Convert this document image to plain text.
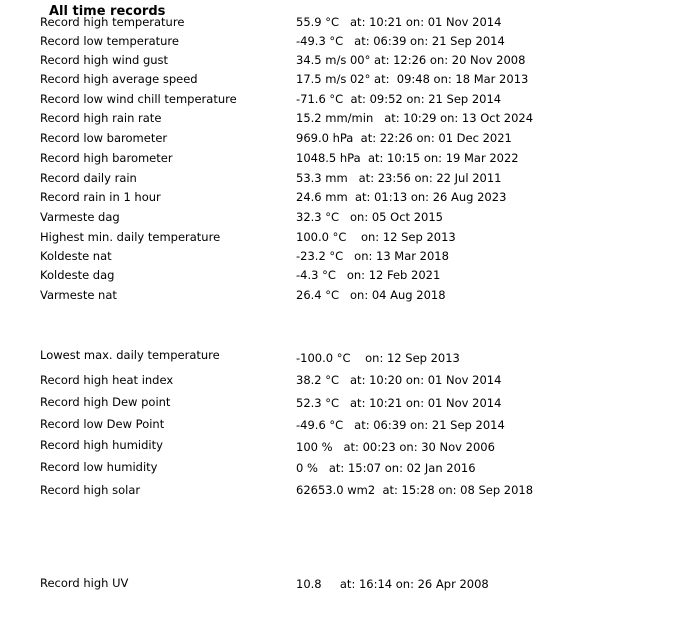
All time records
Record high temperature	55.9 °C   at: 10:21 on: 01 Nov 2014
Record low temperature	-49.3 °C   at: 06:39 on: 21 Sep 2014
Record high wind gust	34.5 m/s 00° at: 12:26 on: 20 Nov 2008
Record high average speed	17.5 m/s 02° at:  09:48 on: 18 Mar 2013
Record low wind chill temperature	-71.6 °C  at: 09:52 on: 21 Sep 2014
Record high rain rate	15.2 mm/min   at: 10:29 on: 13 Oct 2024
Record low barometer	969.0 hPa  at: 22:26 on: 01 Dec 2021
Record high barometer	1048.5 hPa  at: 10:15 on: 19 Mar 2022
Record daily rain	53.3 mm   at: 23:56 on: 22 Jul 2011
Record rain in 1 hour	24.6 mm  at: 01:13 on: 26 Aug 2023
Varmeste dag	32.3 °C   on: 05 Oct 2015
Highest min. daily temperature	100.0 °C    on: 12 Sep 2013
Koldeste nat	-23.2 °C   on: 13 Mar 2018
Koldeste dag	-4.3 °C   on: 12 Feb 2021
Varmeste nat	26.4 °C   on: 04 Aug 2018
Lowest max. daily temperature	-100.0 °C    on: 12 Sep 2013
Record high heat index	38.2 °C   at: 10:20 on: 01 Nov 2014
Record high Dew point	52.3 °C   at: 10:21 on: 01 Nov 2014
Record low Dew Point	-49.6 °C   at: 06:39 on: 21 Sep 2014
Record high humidity	100 %   at: 00:23 on: 30 Nov 2006
Record low humidity	0 %   at: 15:07 on: 02 Jan 2016
Record high solar	62653.0 wm2  at: 15:28 on: 08 Sep 2018
Record high UV	10.8     at: 16:14 on: 26 Apr 2008
